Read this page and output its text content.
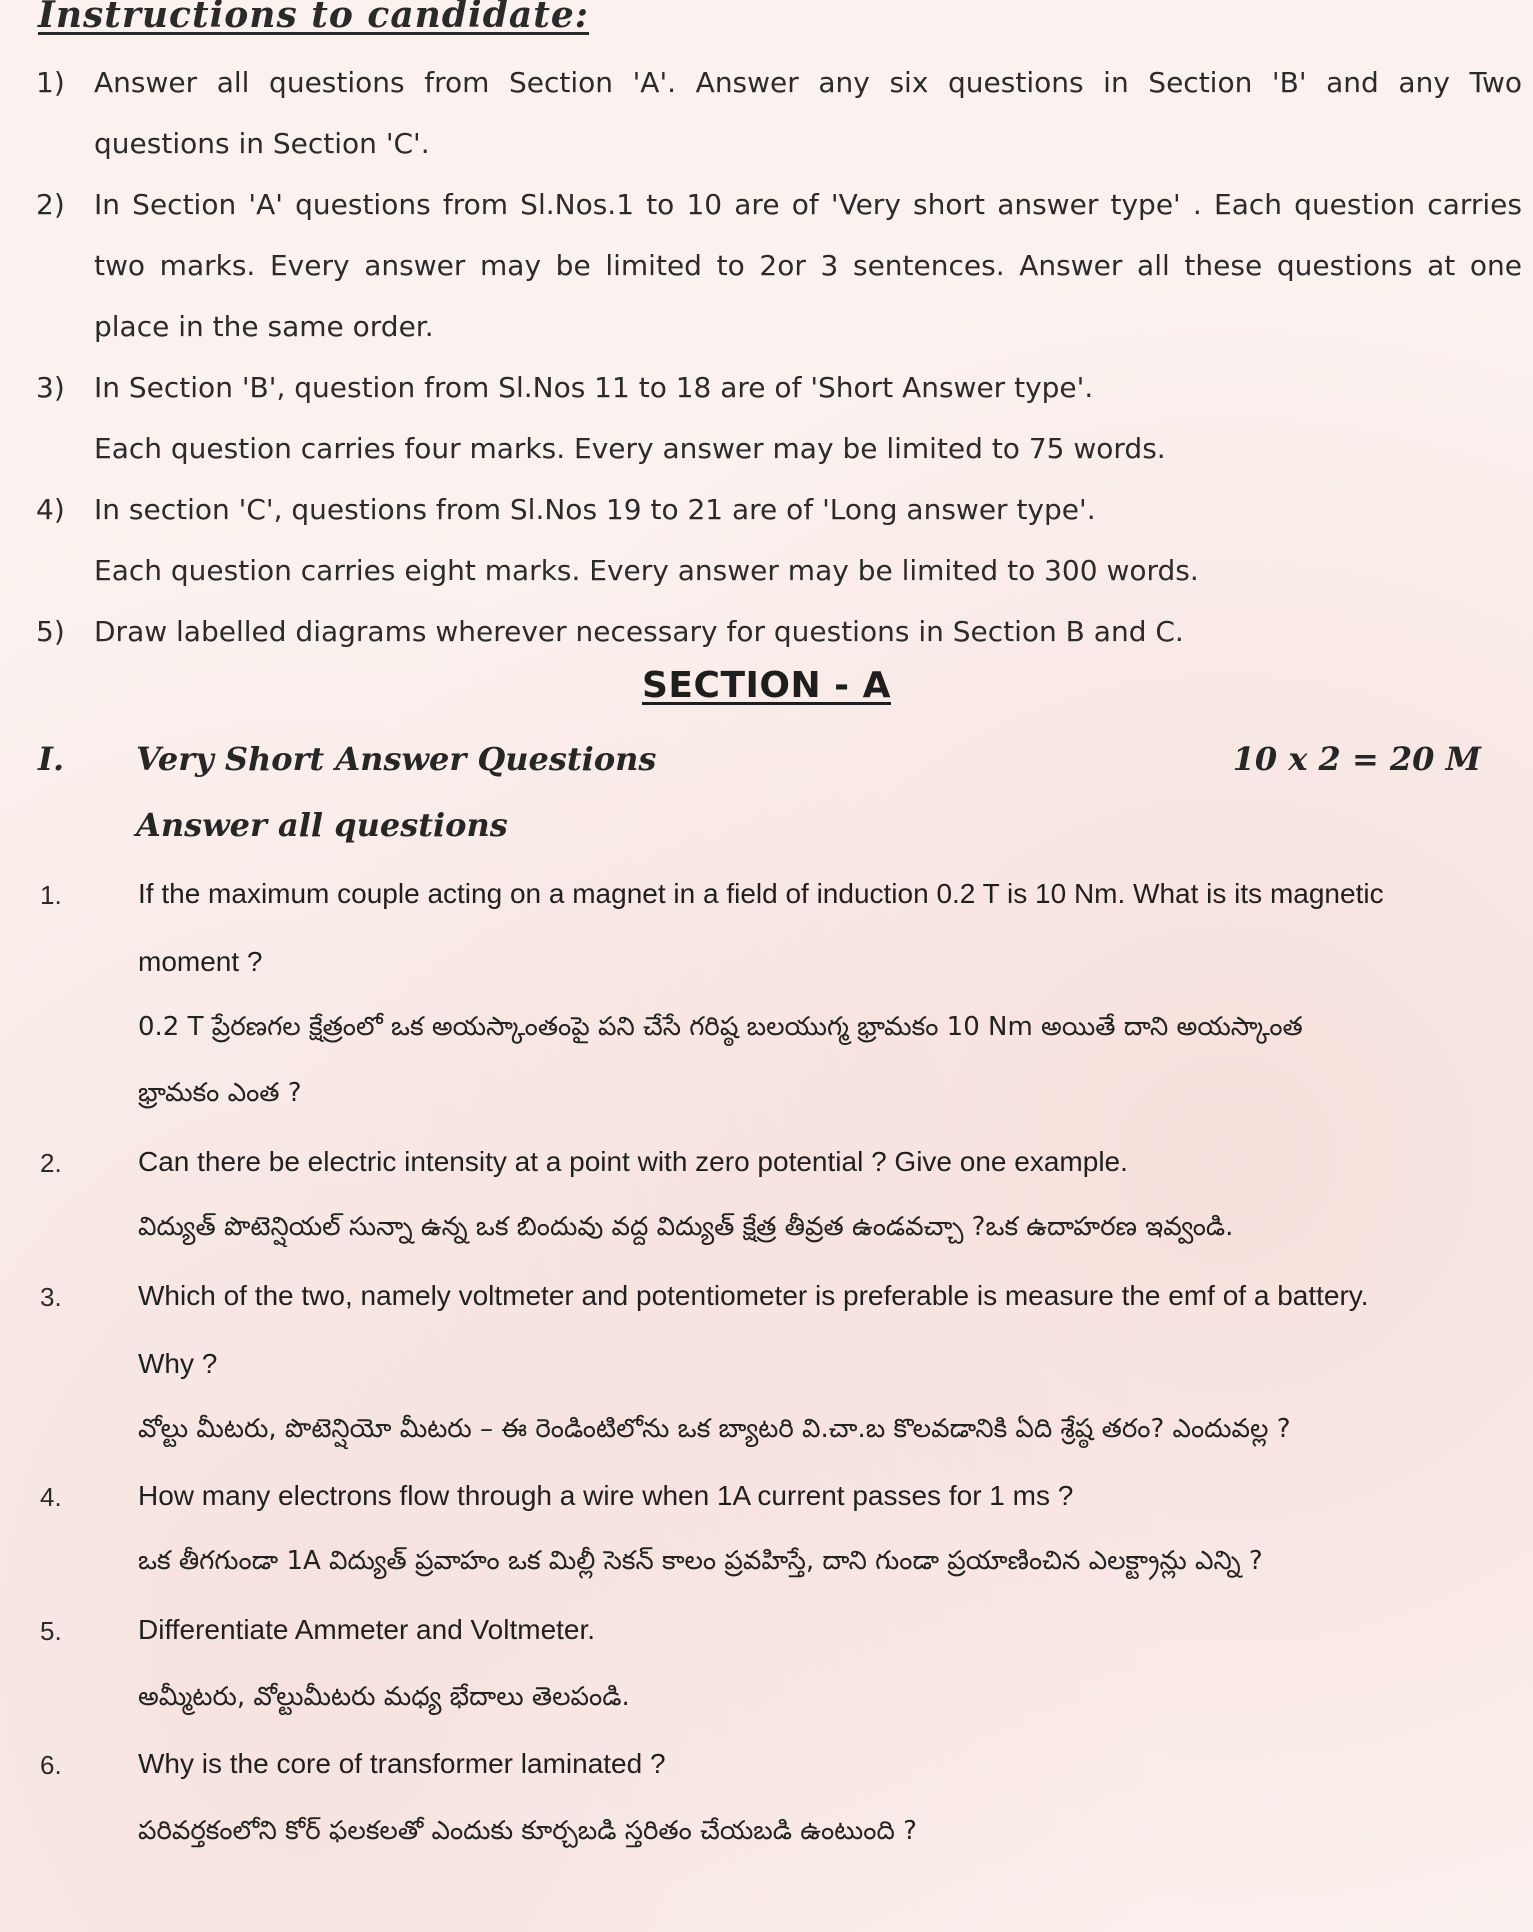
Instructions to candidate:
1) Answer all questions from Section 'A'. Answer any six questions in Section 'B' and any Two
questions in Section 'C'.
2) In Section 'A' questions from Sl.Nos.1 to 10 are of 'Very short answer type' . Each question carries
two marks. Every answer may be limited to 2or 3 sentences. Answer all these questions at one
place in the same order.
3) In Section 'B', question from Sl.Nos 11 to 18 are of 'Short Answer type'.
Each question carries four marks. Every answer may be limited to 75 words.
4) In section 'C', questions from Sl.Nos 19 to 21 are of 'Long answer type'.
Each question carries eight marks. Every answer may be limited to 300 words.
5) Draw labelled diagrams wherever necessary for questions in Section B and C.
SECTION - A
I. Very Short Answer Questions	10 x 2 = 20 M
Answer all questions
1.	If the maximum couple acting on a magnet in a field of induction 0.2 T is 10 Nm. What is its magnetic
moment ?
0.2 T ప్రేరణగల క్షేత్రంలో ఒక అయస్కాంతంపై పని చేసే గరిష్ఠ బలయుగ్మ భ్రామకం 10 Nm అయితే దాని అయస్కాంత
భ్రామకం ఎంత ?
2.	Can there be electric intensity at a point with zero potential ? Give one example.
విద్యుత్ పొటెన్షియల్ సున్నా ఉన్న ఒక బిందువు వద్ద విద్యుత్ క్షేత్ర తీవ్రత ఉండవచ్చా ?ఒక ఉదాహరణ ఇవ్వండి.
3.	Which of the two, namely voltmeter and potentiometer is preferable is measure the emf of a battery.
Why ?
వోల్టు మీటరు, పొటెన్షియో మీటరు – ఈ రెండింటిలోను ఒక బ్యాటరి వి.చా.బ కొలవడానికి ఏది శ్రేష్ఠ తరం? ఎందువల్ల ?
4.	How many electrons flow through a wire when 1A current passes for 1 ms ?
ఒక తీగగుండా 1A విద్యుత్ ప్రవాహం ఒక మిల్లీ సెకన్ కాలం ప్రవహిస్తే, దాని గుండా ప్రయాణించిన ఎలక్ట్రాన్లు ఎన్ని ?
5.	Differentiate Ammeter and Voltmeter.
అమ్మీటరు, వోల్టుమీటరు మధ్య భేదాలు తెలపండి.
6.	Why is the core of transformer laminated ?
పరివర్తకంలోని కోర్ ఫలకలతో ఎందుకు కూర్చబడి స్తరితం చేయబడి ఉంటుంది ?
